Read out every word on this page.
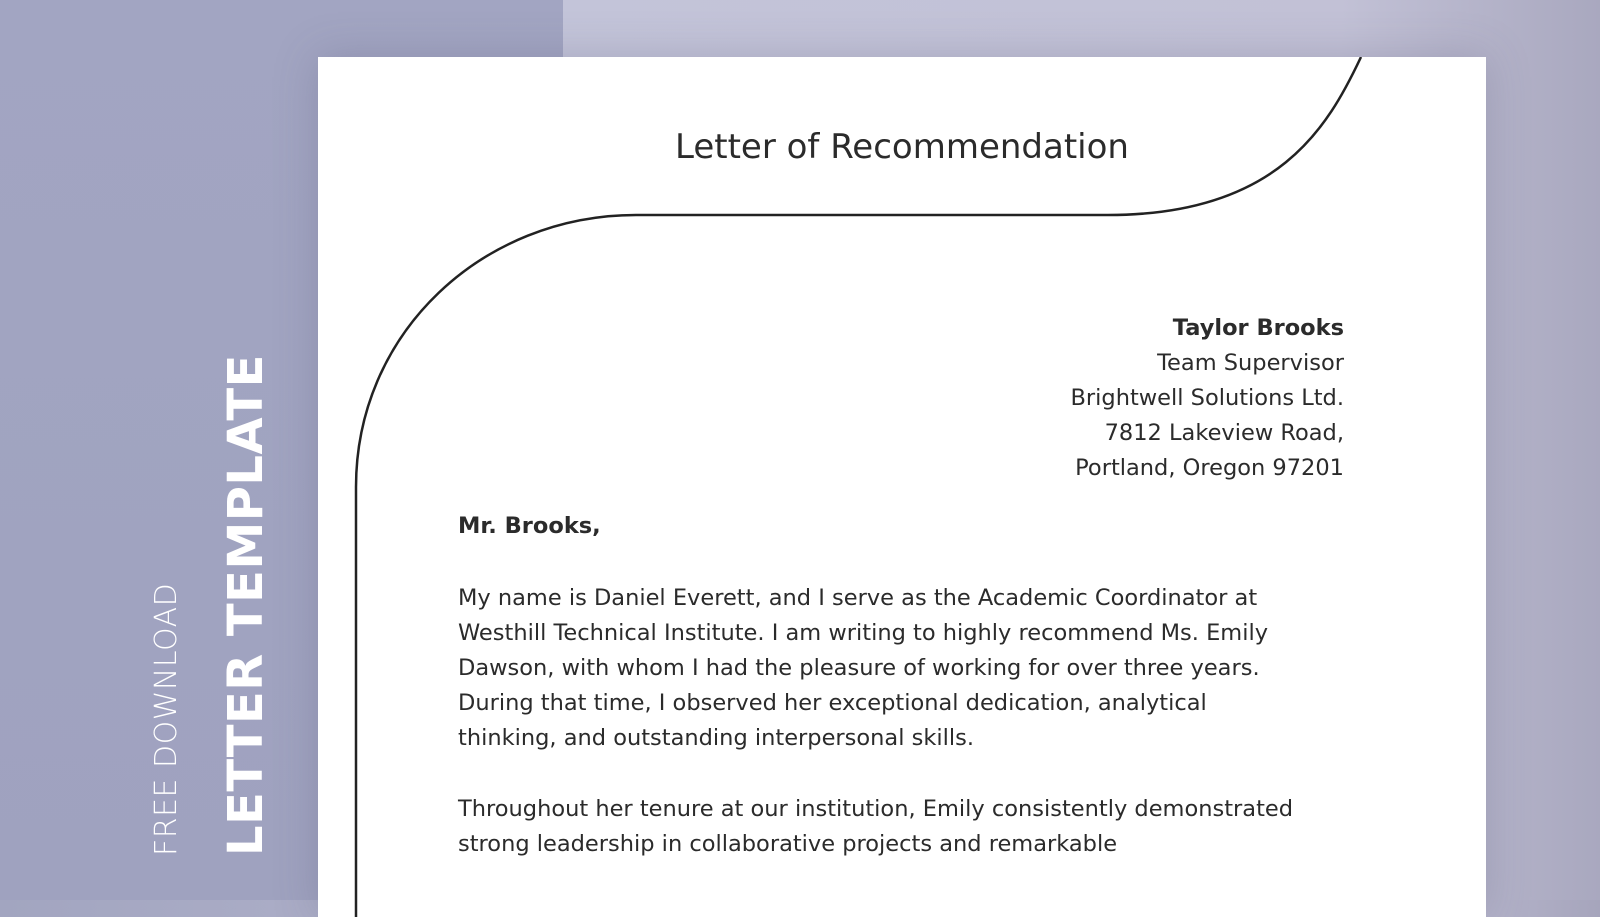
FREE DOWNLOAD LETTER TEMPLATE
Letter of Recommendation
Taylor Brooks
Team Supervisor
Brightwell Solutions Ltd.
7812 Lakeview Road,
Portland, Oregon 97201
Mr. Brooks,
My name is Daniel Everett, and I serve as the Academic Coordinator at
Westhill Technical Institute. I am writing to highly recommend Ms. Emily
Dawson, with whom I had the pleasure of working for over three years.
During that time, I observed her exceptional dedication, analytical
thinking, and outstanding interpersonal skills.
Throughout her tenure at our institution, Emily consistently demonstrated
strong leadership in collaborative projects and remarkable
